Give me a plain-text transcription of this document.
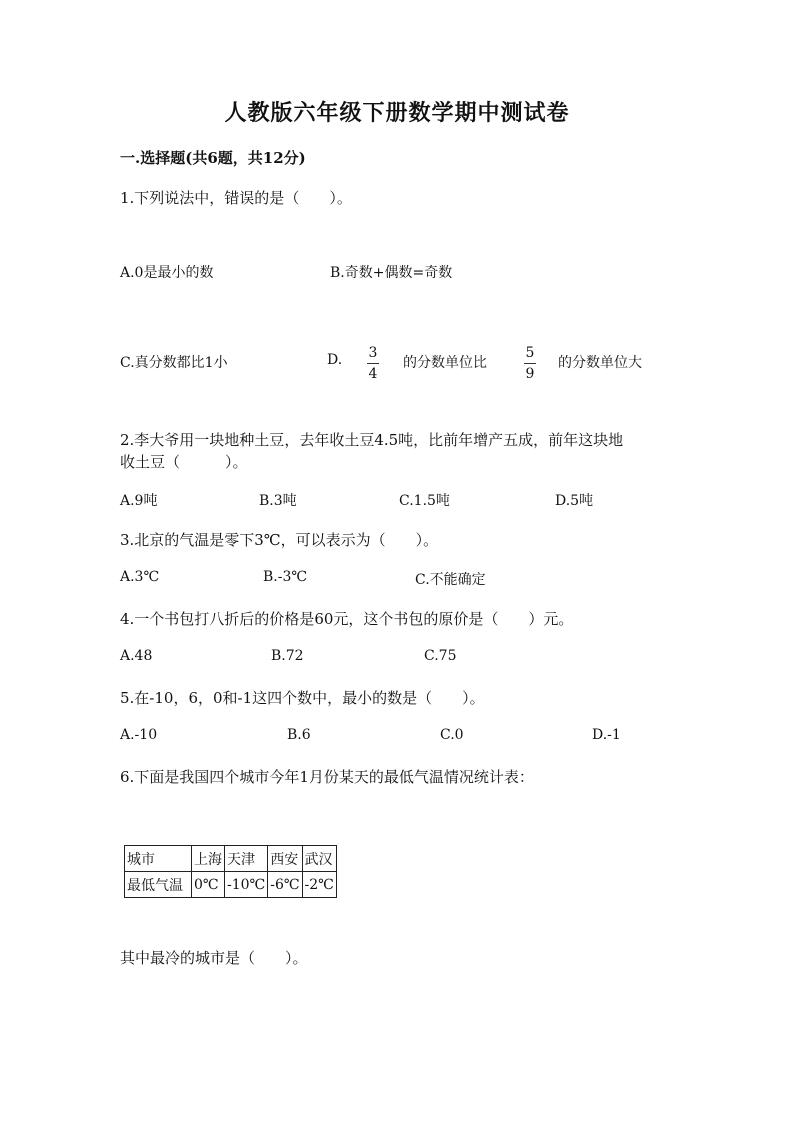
人教版六年级下册数学期中测试卷
一.选择题(共6题，共12分)
1.下列说法中，错误的是（　　）。
A.0是最小的数	B.奇数+偶数=奇数
C.真分数都比1小	D. 3
4
的分数单位比
5
9
的分数单位大
2.李大爷用一块地种土豆，去年收土豆4.5吨，比前年增产五成，前年这块地
收土豆（　　　）。
A.9吨	B.3吨	C.1.5吨	D.5吨
3.北京的气温是零下3℃，可以表示为（　　）。
A.3℃	B.-3℃	C.不能确定
4.一个书包打八折后的价格是60元，这个书包的原价是（　　）元。
A.48	B.72	C.75
5.在-10，6，0和-1这四个数中，最小的数是（　　）。
A.-10	B.6	C.0	D.-1
6.下面是我国四个城市今年1月份某天的最低气温情况统计表：
城市	上海	天津	西安	武汉
最低气温	0℃	-10℃	-6℃	-2℃
其中最冷的城市是（　　）。
